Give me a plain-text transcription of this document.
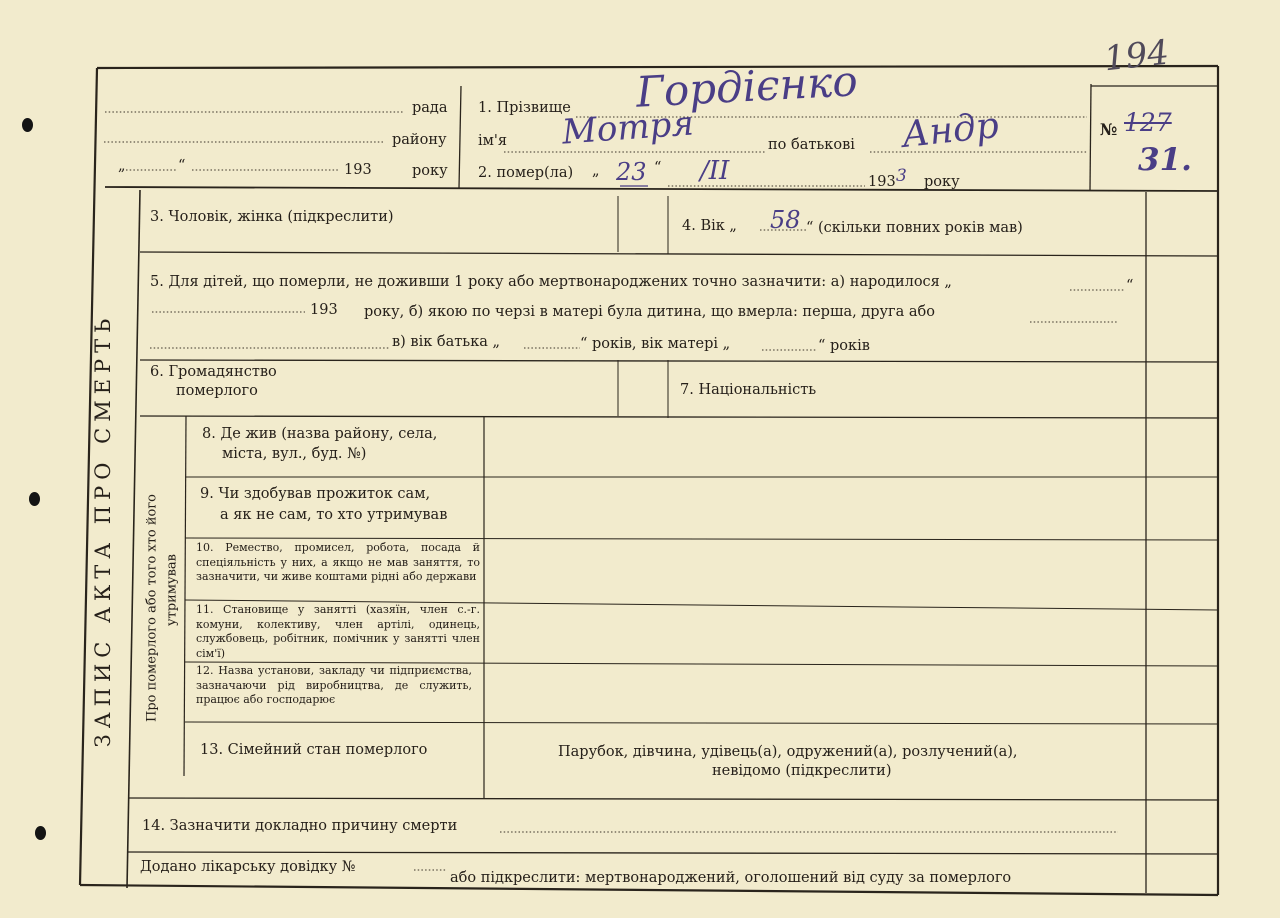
194
рада
району
„	“	193	року
1. Прізвище Гордієнко
ім'я Мотря	по батькові Андр
2. помер(ла) „ 23 “ /II	193 3 року
№ 127
31.
ЗАПИС АКТА ПРО СМЕРТЬ Про померлого або того хто його утримував
3. Чоловік, жінка (підкреслити)
4. Вік „ 58 “ (скільки повних років мав)
5. Для дітей, що померли, не доживши 1 року або мертвонароджених точно зазначити: а) народилося „	“
193 року, б) якою по черзі в матері була дитина, що вмерла: перша, друга або
в) вік батька „	“ років, вік матері „	“ років
6. Громадянство
померлого	7. Національність
8. Де жив (назва району, села,
міста, вул., буд. №)
9. Чи здобував прожиток сам,
а як не сам, то хто утримував
10. Ремество, промисел, робота, посада й спеціяльність у них, а якщо не мав заняття, то зазначити, чи живе коштами рідні або держави
11. Становище у занятті (хазяїн, член с.-г. комуни, колективу, член артілі, одинець, службовець, робітник, помічник у занятті член сім'ї)
12. Назва установи, закладу чи підприємства, зазначаючи рід виробництва, де служить, працює або господарює
13. Сімейний стан померлого	Парубок, дівчина, удівець(а), одружений(а), розлучений(а),
невідомо (підкреслити)
14. Зазначити докладно причину смерти
Додано лікарську довідку №
або підкреслити: мертвонароджений, оголошений від суду за померлого
